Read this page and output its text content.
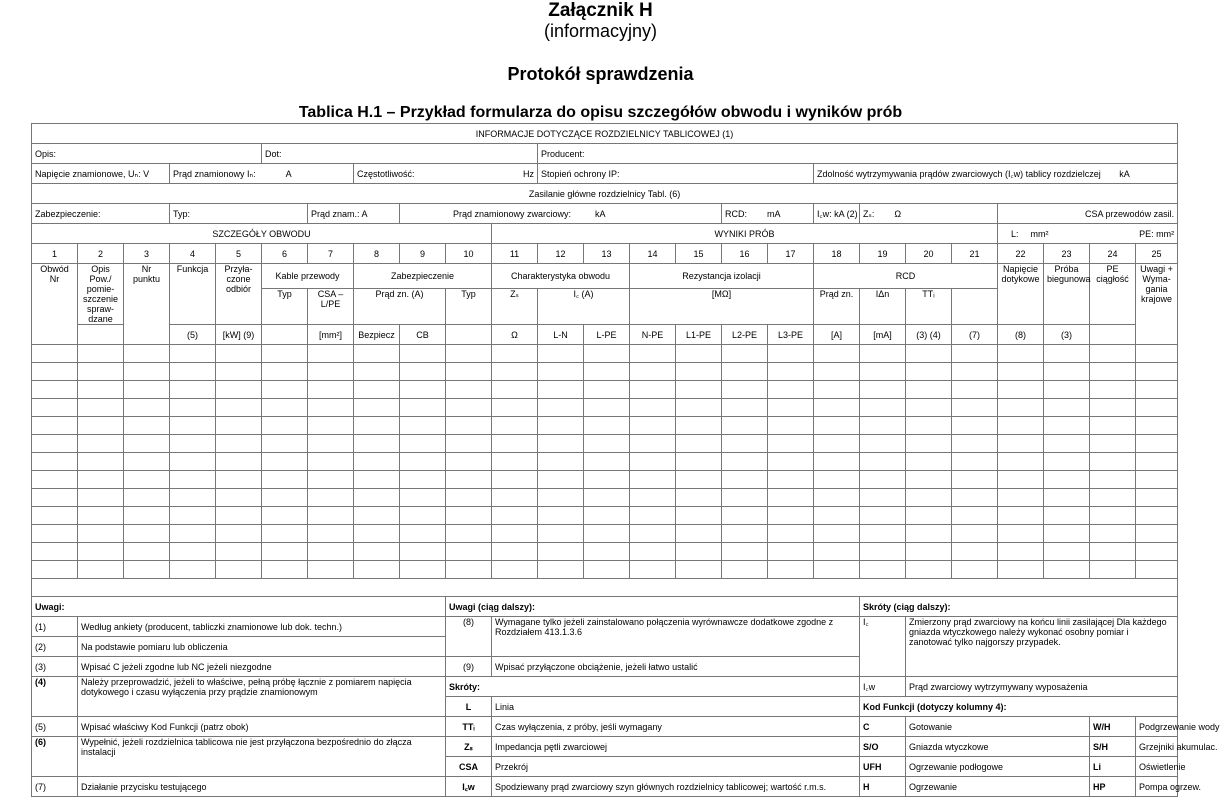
Załącznik H
(informacyjny)
Protokół sprawdzenia
Tablica H.1 – Przykład formularza do opisu szczegółów obwodu i wyników prób
INFORMACJE DOTYCZĄCE ROZDZIELNICY TABLICOWEJ (1)																								
Opis:					Dot:						Producent:													
Napięcie znamionowe, Uₙ: V			Prąd znamionowy Iₙ: A				Częstotliwość: Hz				Stopień ochrony IP:						Zdolność wytrzymywania prądów zwarciowych (I꜀w) tablicy rozdzielczej kA							
Zasilanie główne rozdzielnicy Tabl. (6)																								
Zabezpieczenie:			Typ:			Prąd znam.: A		Prąd znamionowy zwarciowy: kA							RCD: mA		I꜀w: kA (2)	Zₛ: Ω			CSA przewodów zasil.			
SZCZEGÓŁY OBWODU										WYNIKI PRÓB											L: mm² PE: mm²			

1	2	3	4	5	6	7	8	9	10	11	12	13	14	15	16	17	18	19	20	21	22	23	24	25
Obwód Nr	Opis Pow./ pomie-szczenie spraw-dzane	Nr punktu	Funkcja	Przyła-czone odbiór	Kable przewody		Zabezpieczenie			Charakterystyka obwodu			Rezystancja izolacji				RCD				Napięcie dotykowe	Próba biegunowa	PE ciągłość	Uwagi + Wyma-gania krajowe
					Typ	CSA – L/PE	Prąd zn. (A)		Typ	Zₛ	I꜀ (A)		[MΩ]				Prąd zn.	IΔn	TTᵢ					
			(5)	[kW] (9)		[mm²]	Bezpiecz	CB		Ω	L-N	L-PE	N-PE	L1-PE	L2-PE	L3-PE	[A]	[mA]	(3) (4)	(7)	(8)	(3)		

Uwagi:									Uwagi (ciąg dalszy):									Skróty (ciąg dalszy):						
(1)	Według ankiety (producent, tabliczki znamionowe lub dok. techn.)								(8)	Wymagane tylko jeżeli zainstalowano połączenia wyrównawcze dodatkowe zgodne z Rozdziałem 413.1.3.6								I꜀	Zmierzony prąd zwarciowy na końcu linii zasilającej Dla każdego gniazda wtyczkowego należy wykonać osobny pomiar i zanotować tylko najgorszy przypadek.					
(2)	Na podstawie pomiaru lub obliczenia																							
(3)	Wpisać C jeżeli zgodne lub NC jeżeli niezgodne								(9)	Wpisać przyłączone obciążenie, jeżeli łatwo ustalić														
(4)	Należy przeprowadzić, jeżeli to właściwe, pełną próbę łącznie z pomiarem napięcia dotykowego i czasu wyłączenia przy prądzie znamionowym								Skróty:									I꜀w	Prąd zwarciowy wytrzymywany wyposażenia					
									L	Linia								Kod Funkcji (dotyczy kolumny 4):						
(5)	Wpisać właściwy Kod Funkcji (patrz obok)								TTᵢ	Czas wyłączenia, z próby, jeśli wymagany								C	Gotowanie				W/H	Podgrzewanie wody
(6)	Wypełnić, jeżeli rozdzielnica tablicowa nie jest przyłączona bezpośrednio do złącza instalacji								Zₛ	Impedancja pętli zwarciowej								S/O	Gniazda wtyczkowe				S/H	Grzejniki akumulac.
									CSA	Przekrój								UFH	Ogrzewanie podłogowe				Li	Oświetlenie
(7)	Działanie przycisku testującego								I꜀w	Spodziewany prąd zwarciowy szyn głównych rozdzielnicy tablicowej; wartość r.m.s.								H	Ogrzewanie				HP	Pompa ogrzew.
